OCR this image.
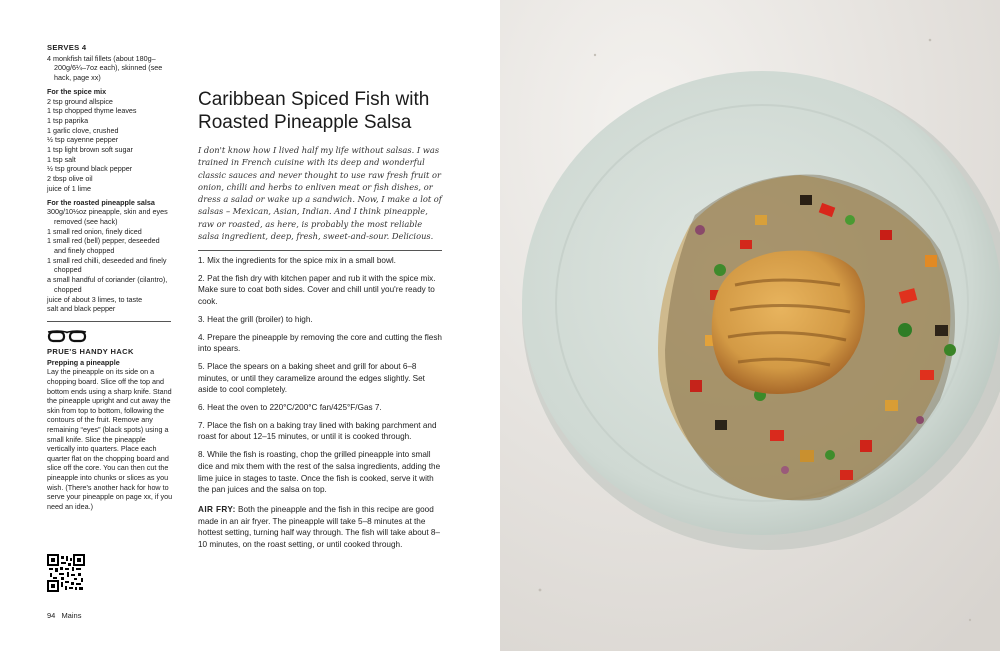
SERVES 4
4 monkfish tail fillets (about 180g–200g/6¼–7oz each), skinned (see hack, page xx)
For the spice mix
2 tsp ground allspice
1 tsp chopped thyme leaves
1 tsp paprika
1 garlic clove, crushed
½ tsp cayenne pepper
1 tsp light brown soft sugar
1 tsp salt
½ tsp ground black pepper
2 tbsp olive oil
juice of 1 lime
For the roasted pineapple salsa
300g/10½oz pineapple, skin and eyes removed (see hack)
1 small red onion, finely diced
1 small red (bell) pepper, deseeded and finely chopped
1 small red chilli, deseeded and finely chopped
a small handful of coriander (cilantro), chopped
juice of about 3 limes, to taste
salt and black pepper
PRUE'S HANDY HACK
Prepping a pineapple
Lay the pineapple on its side on a chopping board. Slice off the top and bottom ends using a sharp knife. Stand the pineapple upright and cut away the skin from top to bottom, following the contours of the fruit. Remove any remaining “eyes” (black spots) using a small knife. Slice the pineapple vertically into quarters. Place each quarter flat on the chopping board and slice off the core. You can then cut the pineapple into chunks or slices as you wish. (There's another hack for how to serve your pineapple on page xx, if you need an idea.)
94 Mains
Caribbean Spiced Fish with Roasted Pineapple Salsa
I don't know how I lived half my life without salsas. I was trained in French cuisine with its deep and wonderful classic sauces and never thought to use raw fresh fruit or onion, chilli and herbs to enliven meat or fish dishes, or dress a salad or wake up a sandwich. Now, I make a lot of salsas – Mexican, Asian, Indian. And I think pineapple, raw or roasted, as here, is probably the most reliable salsa ingredient, deep, fresh, sweet-and-sour. Delicious.
1. Mix the ingredients for the spice mix in a small bowl.
2. Pat the fish dry with kitchen paper and rub it with the spice mix. Make sure to coat both sides. Cover and chill until you're ready to cook.
3. Heat the grill (broiler) to high.
4. Prepare the pineapple by removing the core and cutting the flesh into spears.
5. Place the spears on a baking sheet and grill for about 6–8 minutes, or until they caramelize around the edges slightly. Set aside to cool completely.
6. Heat the oven to 220°C/200°C fan/425°F/Gas 7.
7. Place the fish on a baking tray lined with baking parchment and roast for about 12–15 minutes, or until it is cooked through.
8. While the fish is roasting, chop the grilled pineapple into small dice and mix them with the rest of the salsa ingredients, adding the lime juice in stages to taste. Once the fish is cooked, serve it with the pan juices and the salsa on top.
AIR FRY: Both the pineapple and the fish in this recipe are good made in an air fryer. The pineapple will take 5–8 minutes at the hottest setting, turning half way through. The fish will take about 8–10 minutes, on the roast setting, or until cooked through.
